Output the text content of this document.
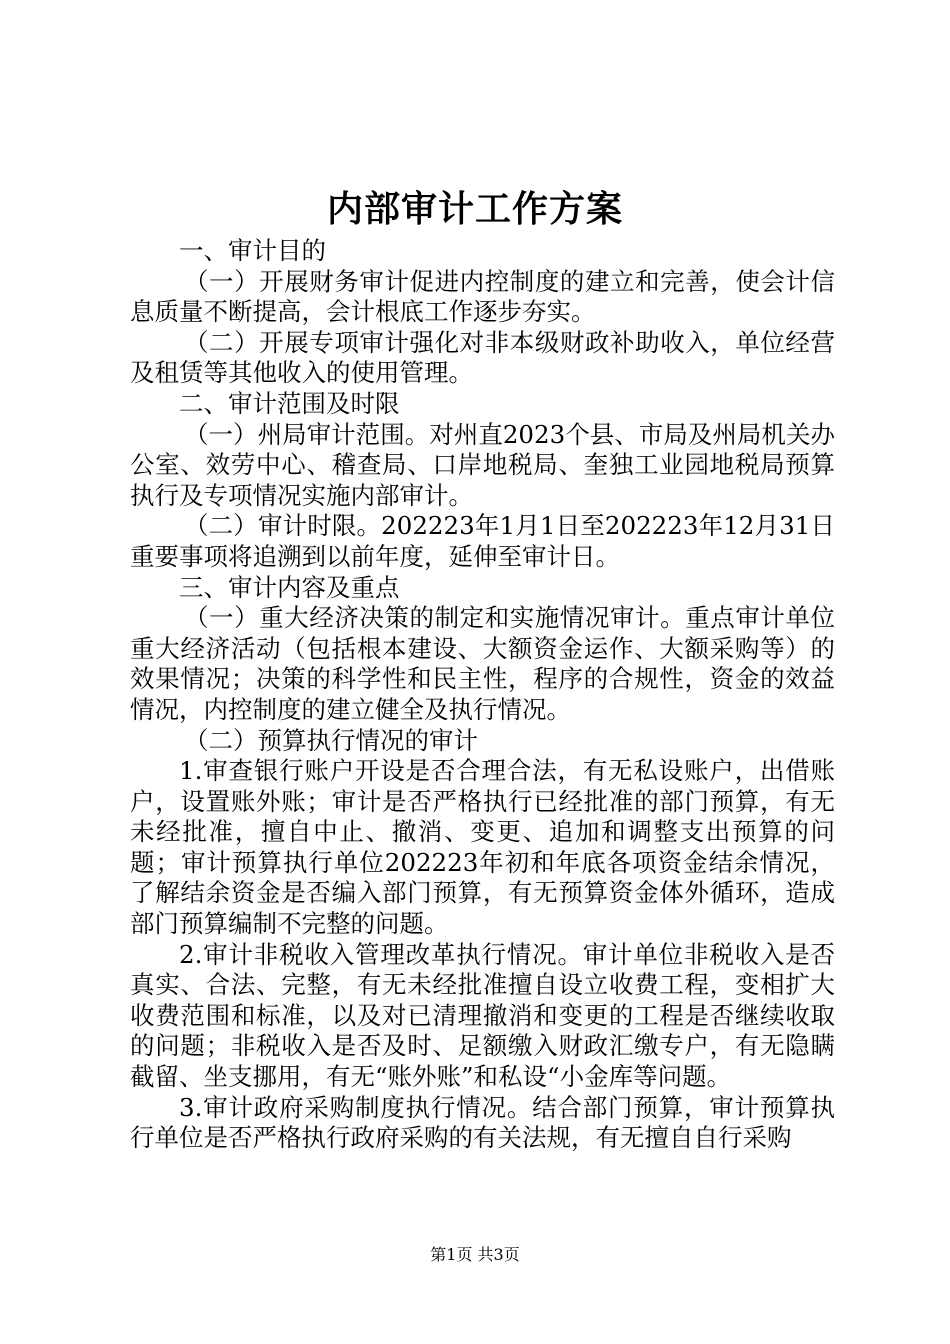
内部审计工作方案

一、审计目的

（一）开展财务审计促进内控制度的建立和完善，使会计信息质量不断提高，会计根底工作逐步夯实。

（二）开展专项审计强化对非本级财政补助收入，单位经营及租赁等其他收入的使用管理。

二、审计范围及时限

（一）州局审计范围。对州直2023个县、市局及州局机关办公室、效劳中心、稽查局、口岸地税局、奎独工业园地税局预算执行及专项情况实施内部审计。

（二）审计时限。202223年1月1日至202223年12月31日重要事项将追溯到以前年度，延伸至审计日。

三、审计内容及重点

（一）重大经济决策的制定和实施情况审计。重点审计单位重大经济活动（包括根本建设、大额资金运作、大额采购等）的效果情况；决策的科学性和民主性，程序的合规性，资金的效益情况，内控制度的建立健全及执行情况。

（二）预算执行情况的审计

1.审查银行账户开设是否合理合法，有无私设账户，出借账户，设置账外账；审计是否严格执行已经批准的部门预算，有无未经批准，擅自中止、撤消、变更、追加和调整支出预算的问题；审计预算执行单位202223年初和年底各项资金结余情况，了解结余资金是否编入部门预算，有无预算资金体外循环，造成部门预算编制不完整的问题。

2.审计非税收入管理改革执行情况。审计单位非税收入是否真实、合法、完整，有无未经批准擅自设立收费工程，变相扩大收费范围和标准，以及对已清理撤消和变更的工程是否继续收取的问题；非税收入是否及时、足额缴入财政汇缴专户，有无隐瞒截留、坐支挪用，有无“账外账”和私设“小金库等问题。

3.审计政府采购制度执行情况。结合部门预算，审计预算执行单位是否严格执行政府采购的有关法规，有无擅自自行采购

第1页 共3页
